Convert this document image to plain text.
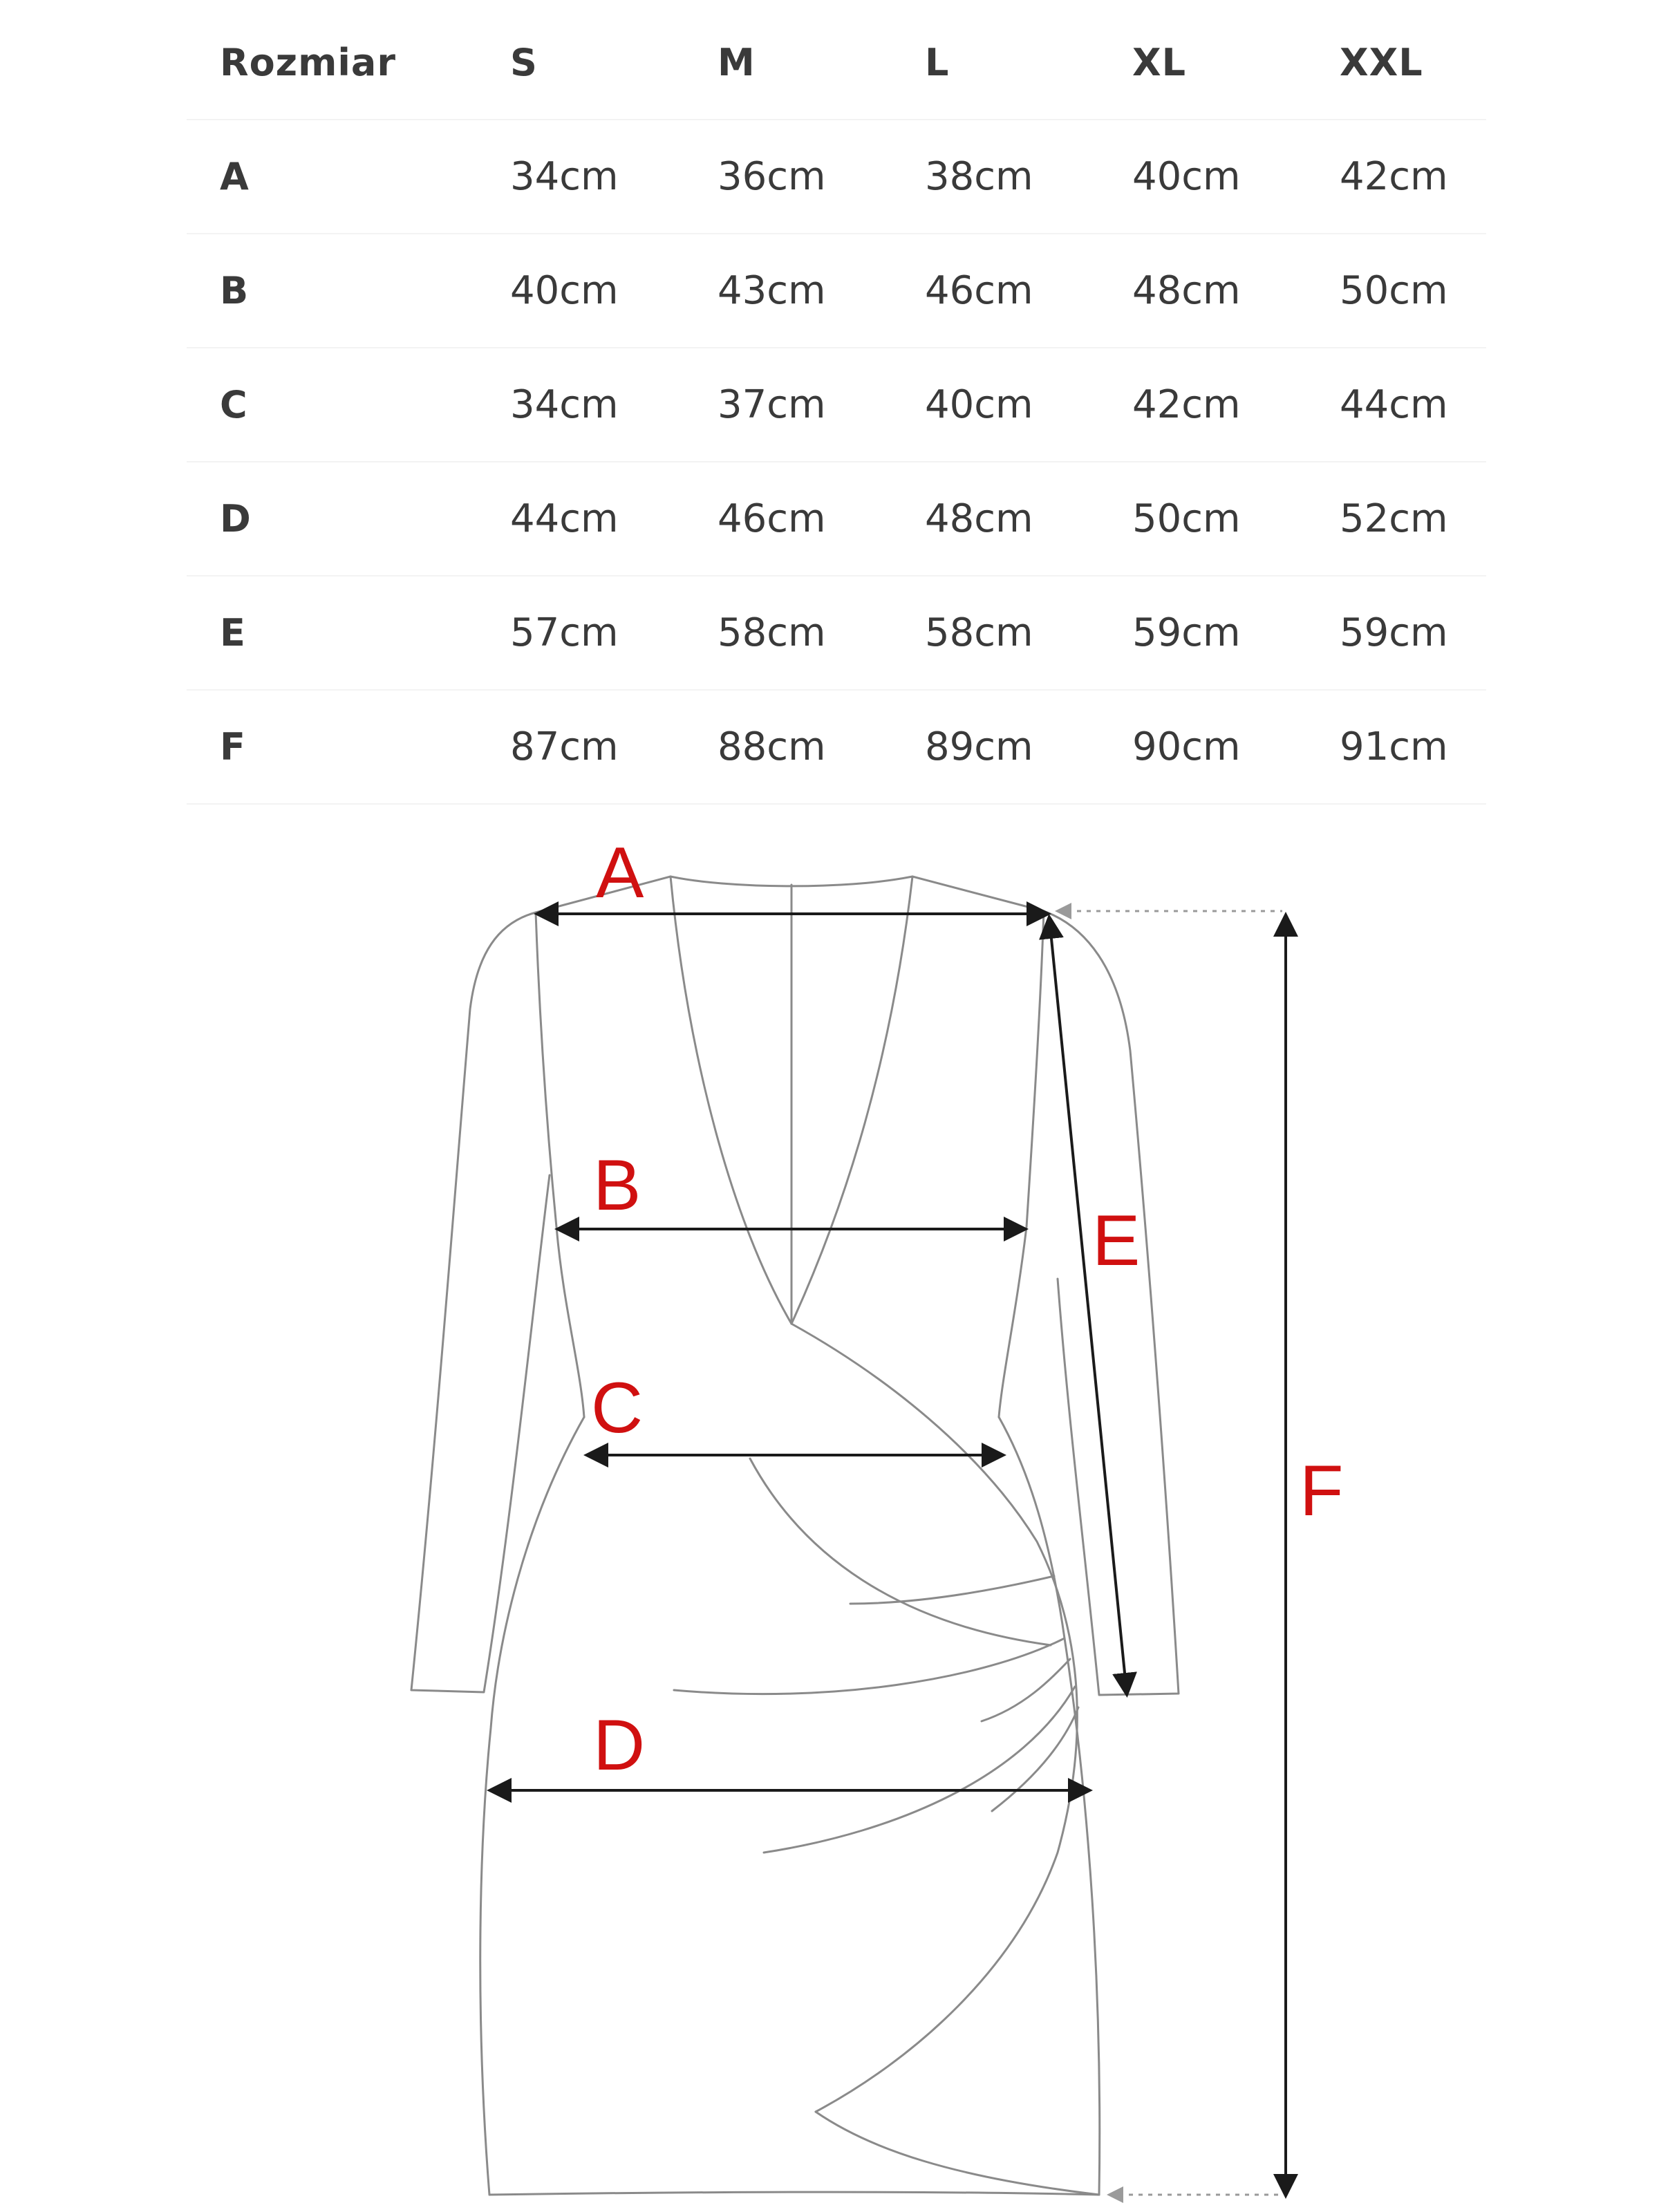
Rozmiar	S	M	L	XL	XXL
A	34cm	36cm	38cm	40cm	42cm
B	40cm	43cm	46cm	48cm	50cm
C	34cm	37cm	40cm	42cm	44cm
D	44cm	46cm	48cm	50cm	52cm
E	57cm	58cm	58cm	59cm	59cm
F	87cm	88cm	89cm	90cm	91cm
A
B
C
D
E
F
